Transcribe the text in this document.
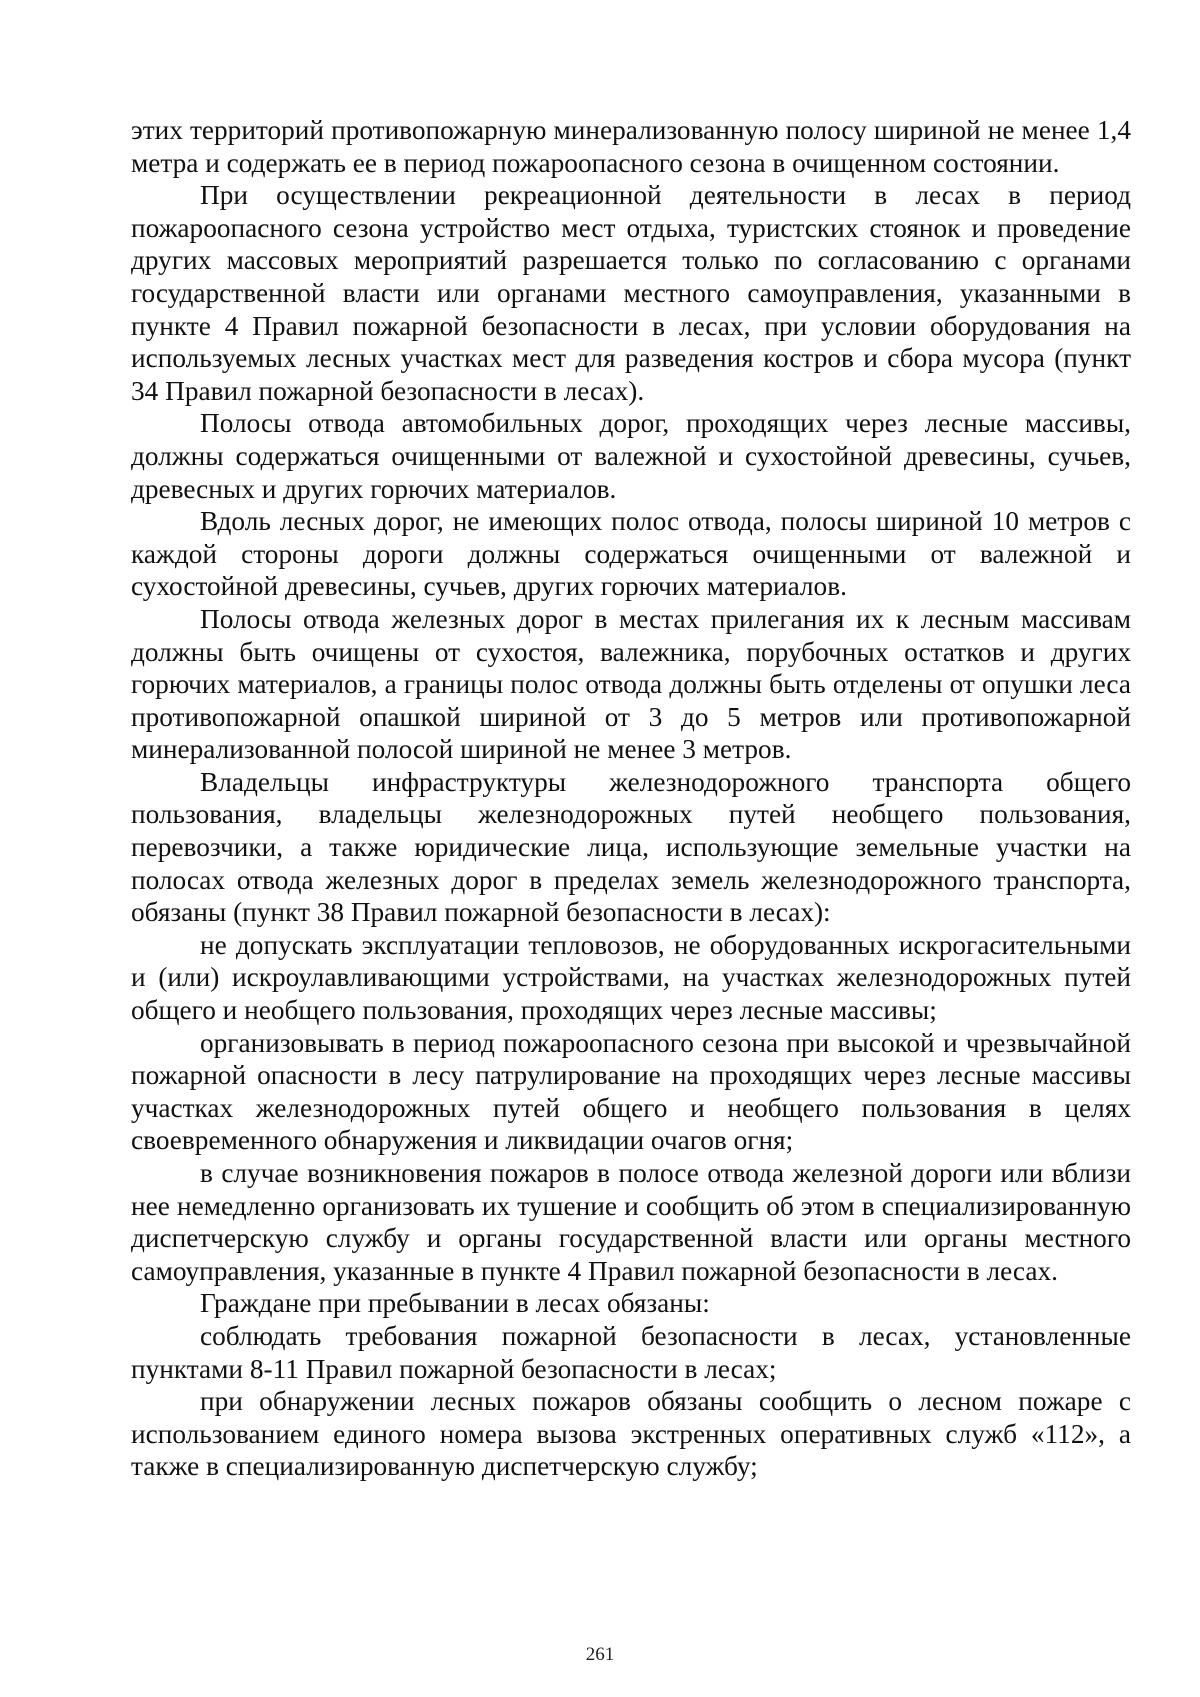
этих территорий противопожарную минерализованную полосу шириной не менее 1,4 метра и содержать ее в период пожароопасного сезона в очищенном состоянии.

При осуществлении рекреационной деятельности в лесах в период пожароопасного сезона устройство мест отдыха, туристских стоянок и проведение других массовых мероприятий разрешается только по согласованию с органами государственной власти или органами местного самоуправления, указанными в пункте 4 Правил пожарной безопасности в лесах, при условии оборудования на используемых лесных участках мест для разведения костров и сбора мусора (пункт 34 Правил пожарной безопасности в лесах).

Полосы отвода автомобильных дорог, проходящих через лесные массивы, должны содержаться очищенными от валежной и сухостойной древесины, сучьев, древесных и других горючих материалов.

Вдоль лесных дорог, не имеющих полос отвода, полосы шириной 10 метров с каждой стороны дороги должны содержаться очищенными от валежной и сухостойной древесины, сучьев, других горючих материалов.

Полосы отвода железных дорог в местах прилегания их к лесным массивам должны быть очищены от сухостоя, валежника, порубочных остатков и других горючих материалов, а границы полос отвода должны быть отделены от опушки леса противопожарной опашкой шириной от 3 до 5 метров или противопожарной минерализованной полосой шириной не менее 3 метров.

Владельцы инфраструктуры железнодорожного транспорта общего пользования, владельцы железнодорожных путей необщего пользования, перевозчики, а также юридические лица, использующие земельные участки на полосах отвода железных дорог в пределах земель железнодорожного транспорта, обязаны (пункт 38 Правил пожарной безопасности в лесах):

не допускать эксплуатации тепловозов, не оборудованных искрогасительными и (или) искроулавливающими устройствами, на участках железнодорожных путей общего и необщего пользования, проходящих через лесные массивы;

организовывать в период пожароопасного сезона при высокой и чрезвычайной пожарной опасности в лесу патрулирование на проходящих через лесные массивы участках железнодорожных путей общего и необщего пользования в целях своевременного обнаружения и ликвидации очагов огня;

в случае возникновения пожаров в полосе отвода железной дороги или вблизи нее немедленно организовать их тушение и сообщить об этом в специализированную диспетчерскую службу и органы государственной власти или органы местного самоуправления, указанные в пункте 4 Правил пожарной безопасности в лесах.

Граждане при пребывании в лесах обязаны:

соблюдать требования пожарной безопасности в лесах, установленные пунктами 8-11 Правил пожарной безопасности в лесах;

при обнаружении лесных пожаров обязаны сообщить о лесном пожаре с использованием единого номера вызова экстренных оперативных служб «112», а также в специализированную диспетчерскую службу;

261
